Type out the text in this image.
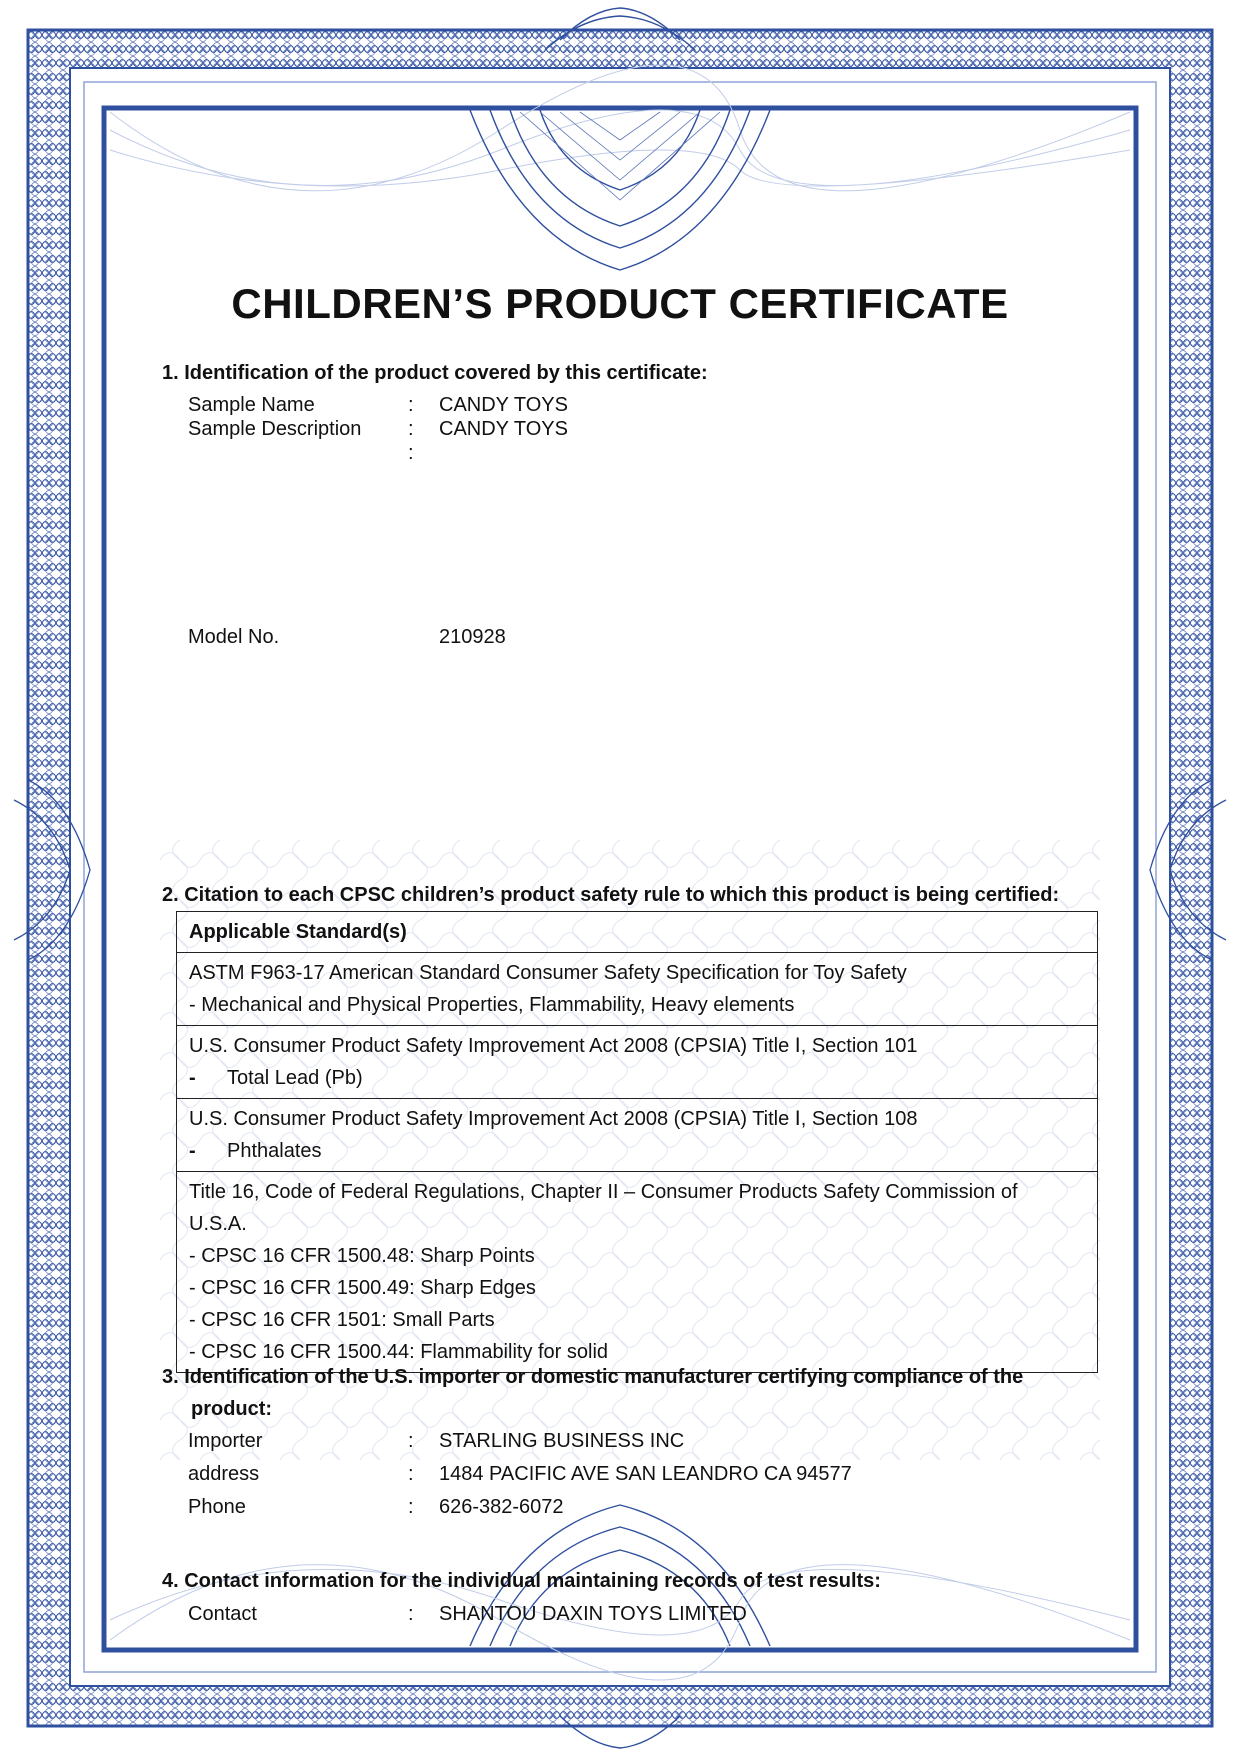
CHILDREN’S PRODUCT CERTIFICATE
1. Identification of the product covered by this certificate:
Sample Name	: CANDY TOYS
Sample Description : CANDY TOYS
:
Model No.	210928
2. Citation to each CPSC children’s product safety rule to which this product is being certified:
Applicable Standard(s)

ASTM F963-17 American Standard Consumer Safety Specification for Toy Safety
- Mechanical and Physical Properties, Flammability, Heavy elements

U.S. Consumer Product Safety Improvement Act 2008 (CPSIA) Title Ⅰ, Section 101
- Total Lead (Pb)

U.S. Consumer Product Safety Improvement Act 2008 (CPSIA) Title Ⅰ, Section 108
- Phthalates

Title 16, Code of Federal Regulations, Chapter II – Consumer Products Safety Commission of
U.S.A.
- CPSC 16 CFR 1500.48: Sharp Points
- CPSC 16 CFR 1500.49: Sharp Edges
- CPSC 16 CFR 1501: Small Parts
- CPSC 16 CFR 1500.44: Flammability for solid
3. Identification of the U.S. importer or domestic manufacturer certifying compliance of the
product:
Importer	: STARLING BUSINESS INC
address	: 1484 PACIFIC AVE SAN LEANDRO CA 94577
Phone	: 626-382-6072
4. Contact information for the individual maintaining records of test results:
Contact	: SHANTOU DAXIN TOYS LIMITED
